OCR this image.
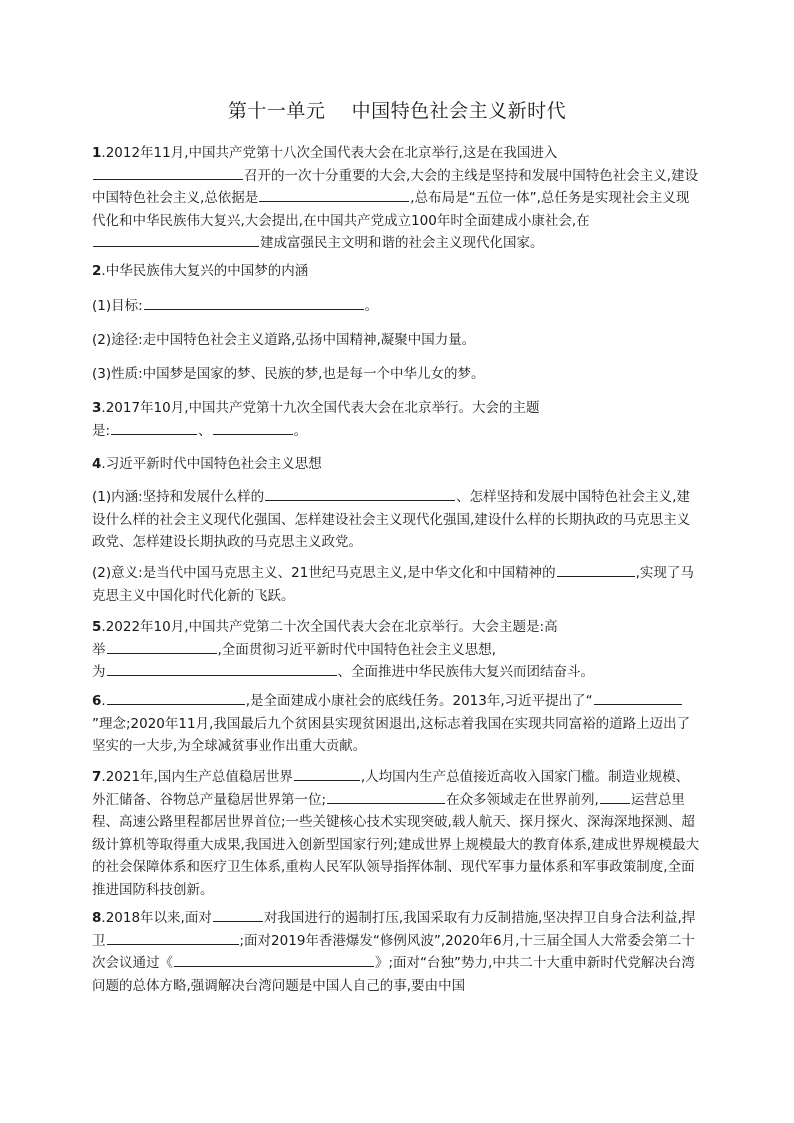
第十一单元    中国特色社会主义新时代

1.2012年11月,中国共产党第十八次全国代表大会在北京举行,这是在我国进入召开的一次十分重要的大会,大会的主线是坚持和发展中国特色社会主义,建设中国特色社会主义,总依据是	,总布局是“五位一体”,总任务是实现社会主义现代化和中华民族伟大复兴,大会提出,在中国共产党成立100年时全面建成小康社会,在建成富强民主文明和谐的社会主义现代化国家。

2.中华民族伟大复兴的中国梦的内涵

(1)目标:	。

(2)途径:走中国特色社会主义道路,弘扬中国精神,凝聚中国力量。

(3)性质:中国梦是国家的梦、民族的梦,也是每一个中华儿女的梦。

3.2017年10月,中国共产党第十九次全国代表大会在北京举行。大会的主题

是:	、	。

4.习近平新时代中国特色社会主义思想

(1)内涵:坚持和发展什么样的	、怎样坚持和发展中国特色社会主义,建设什么样的社会主义现代化强国、怎样建设社会主义现代化强国,建设什么样的长期执政的马克思主义政党、怎样建设长期执政的马克思主义政党。

(2)意义:是当代中国马克思主义、21世纪马克思主义,是中华文化和中国精神的	,实现了马克思主义中国化时代化新的飞跃。

5.2022年10月,中国共产党第二十次全国代表大会在北京举行。大会主题是:高

举	,全面贯彻习近平新时代中国特色社会主义思想,

为	、全面推进中华民族伟大复兴而团结奋斗。

6.	,是全面建成小康社会的底线任务。2013年,习近平提出了“”理念;2020年11月,我国最后九个贫困县实现贫困退出,这标志着我国在实现共同富裕的道路上迈出了坚实的一大步,为全球减贫事业作出重大贡献。

7.2021年,国内生产总值稳居世界	,人均国内生产总值接近高收入国家门槛。制造业规模、外汇储备、谷物总产量稳居世界第一位;	在众多领域走在世界前列, 运营总里程、高速公路里程都居世界首位;一些关键核心技术实现突破,载人航天、探月探火、深海深地探测、超级计算机等取得重大成果,我国进入创新型国家行列;建成世界上规模最大的教育体系,建成世界规模最大的社会保障体系和医疗卫生体系,重构人民军队领导指挥体制、现代军事力量体系和军事政策制度,全面推进国防科技创新。

8.2018年以来,面对	对我国进行的遏制打压,我国采取有力反制措施,坚决捍卫自身合法利益,捍卫	;面对2019年香港爆发“修例风波”,2020年6月,十三届全国人大常委会第二十次会议通过《	》;面对“台独”势力,中共二十大重申新时代党解决台湾问题的总体方略,强调解决台湾问题是中国人自己的事,要由中国
